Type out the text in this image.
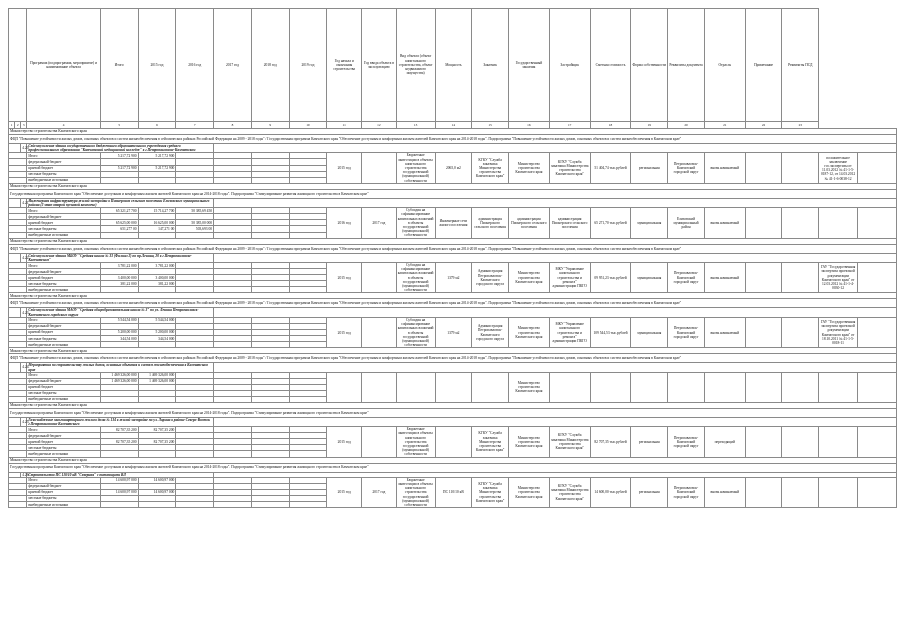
			Программа (подпрограмма, мероприятие) и наименование объекта	Итого	2015 год	2016 год	2017 год	2018 год	2019 год	Год начала и окончания строительства	Год ввода объекта в эксплуатацию	Вид объекта (объект капитального строительства, объект недвижимого имущества)	Мощность	Заказчик	Государственный заказчик	Застройщик	Сметная стоимость	Форма собственности	Реквизиты документа	Отрасль	Примечание	Реквизиты ПСД		
1	2	3	4	5	6	7	8	9	10	11	12	13	14	15	16	17	18	19	20	21	22	23		
Министерство строительства Камчатского края																								
ФЦП "Повышение устойчивости жилых домов, основных объектов и систем жизнеобеспечения в сейсмических районах Российской Федерации на 2009 - 2018 годы" / Государственная программа Камчатского края "Обеспечение доступным и комфортным жильем жителей Камчатского края на 2014-2018 годы". Подпрограмма "Повышение устойчивости жилых домов, основных объектов и систем жизнеобеспечения в Камчатском крае"																								
		4.20.	Сейсмоусиление здания государственного бюджетного образовательного учреждения среднего профессионального образования "Камчатский медицинский колледж" в г.Петропавловске-Камчатском																					
			Итого	5 217,72 900	5 217,72 900					2015 год		Бюджетные инвестиции в объекты капитального строительства государственной (муниципальной) собственности	2065,0 м2	КГКУ "Служба заказчика Министерства строительства Камчатского края"	Министерство строительства Камчатского края	КГКУ "Служба заказчика Министерства строительства Камчатского края"	51 404,74 тыс.рублей	региональная	Петропавловск-Камчатский городской округ	вновь начинаемый			положительное заключение гос.экспертизы от 11.03.2012 № 41-1-5-0187-12, от 14.03.2012 № 41-1-6-0038-12	
			федеральный бюджет																					
			краевой бюджет	5 217,72 900	5 217,72 900																			
			местные бюджеты																					
			внебюджетные источники																					
Министерство строительства Камчатского края																								
Государственная программа Камчатского края "Обеспечение доступным и комфортным жильем жителей Камчатского края на 2014-2018 годы". Подпрограмма "Стимулирование развития жилищного строительства в Камчатском крае"																								
		4.21.	Инженерная инфраструктура жилой застройки в Пионерском сельском поселении Елизовского муниципального района (2 этап второй пусковой комплекс)																					
			Итого	65 321,27 700	15 714,27 700	50 385,69 450				2016 год	2017 год	Субсидия на софинансирование капитальных вложений в объекты государственной (муниципальной) собственности	Инженерные сети жилого поселения	администрация Пионерского сельского поселения	администрация Пионерского сельского поселения	администрация Пионерского сельского поселения	65 271,70 тыс.рублей	муниципальная	Елизовский муниципальный район	вновь начинаемый				
			федеральный бюджет																					
			краевой бюджет	65 625,00 000	16 625,00 000	50 385,00 000																		
			местные бюджеты	651,277 00	147,271 00	503,693 00																		
			внебюджетные источники																					
Министерство строительства Камчатского края																								
ФЦП "Повышение устойчивости жилых домов, основных объектов и систем жизнеобеспечения в сейсмических районах Российской Федерации на 2009 - 2018 годы" / Государственная программа Камчатского края "Обеспечение доступным и комфортным жильем жителей Камчатского края на 2014-2018 годы". Подпрограмма "Повышение устойчивости жилых домов, основных объектов и систем жизнеобеспечения в Камчатском крае"																								
		4.22.	Сейсмоусиление здания МБОУ "Средняя школа № 33 (Филиал 2) по пр.Ленина, 20 в г.Петропавловске-Камчатском"																					
			Итого	3 781,22 000	3 781,22 000					2015 год		Субсидия на софинансирование капитальных вложений в объекты государственной (муниципальной) собственности	1379 м2	Администрация Петропавловск-Камчатского городского округа	Министерство строительства Камчатского края	МКУ "Управление капитального строительства и ремонта" администрации ПКГО	09 951,23 тыс.рублей	муниципальная	Петропавловск-Камчатский городской округ	вновь начинаемый			ГАУ "Государственная экспертиза проектной документации Камчатского края" от 12.03.2012 № 41-1-4-0030-12	
			федеральный бюджет																					
			краевой бюджет	3 400,00 000	3 400,00 000																			
			местные бюджеты	381,22 000	381,22 000																			
			внебюджетные источники																					
Министерство строительства Камчатского края																								
ФЦП "Повышение устойчивости жилых домов, основных объектов и систем жизнеобеспечения в сейсмических районах Российской Федерации на 2009 - 2018 годы" / Государственная программа Камчатского края "Обеспечение доступным и комфортным жильем жителей Камчатского края на 2014-2018 годы". Подпрограмма "Повышение устойчивости жилых домов, основных объектов и систем жизнеобеспечения в Камчатском крае"																								
		4.23.	Сейсмоусиление здания МАОУ "Средняя общеобразовательная школа № 3" по ул. Ленина Петропавловск-Камчатского городского округа																					
			Итого	5 544,54 000	5 544,54 000					2015 год		Субсидия на софинансирование капитальных вложений в объекты государственной (муниципальной) собственности	1379 м2	Администрация Петропавловск-Камчатского городского округа	Министерство строительства Камчатского края	МКУ "Управление капитального строительства и ремонта" администрации ПКГО	109 544,53 тыс.рублей	муниципальная	Петропавловск-Камчатский городской округ	вновь начинаемый			ГАУ "Государственная экспертиза проектной документации Камчатского края" от 18.10.2011 № 41-1-5-0018-11	
			федеральный бюджет																					
			краевой бюджет	5 200,00 000	5 200,00 000																			
			местные бюджеты	344,54 000	344,54 000																			
			внебюджетные источники																					
Министерство строительства Камчатского края																								
ФЦП "Повышение устойчивости жилых домов, основных объектов и систем жизнеобеспечения в сейсмических районах Российской Федерации на 2009 - 2018 годы" / Государственная программа Камчатского края "Обеспечение доступным и комфортным жильем жителей Камчатского края на 2014-2018 годы". Подпрограмма "Повышение устойчивости жилых домов, основных объектов и систем жизнеобеспечения в Камчатском крае"																								
		4.24.	Мероприятия по строительству жилых домов, основных объектов и систем жизнеобеспечения в Камчатском крае																					
			Итого	1 469 326,00 000	1 469 326,00 000										Министерство строительства Камчатского края									
			федеральный бюджет	1 469 326,00 000	1 469 326,00 000																			
			краевой бюджет																					
			местные бюджеты																					
			внебюджетные источники																					
Министерство строительства Камчатского края																								
Государственная программа Камчатского края "Обеспечение доступным и комфортным жильем жителей Камчатского края на 2014-2018 годы". Подпрограмма "Стимулирование развития жилищного строительства в Камчатском крае"																								
		4.25.	Газоснабжение многоквартирного жилого дома № 134 в жилой застройке по ул. Ларина в районе Северо-Восток г.Петропавловска-Камчатского																					
			Итого	82 707,35 200	82 707,35 200					2015 год		Бюджетные инвестиции в объекты капитального строительства государственной (муниципальной) собственности		КГКУ "Служба заказчика Министерства строительства Камчатского края"	Министерство строительства Камчатского края	КГКУ "Служба заказчика Министерства строительства Камчатского края"	82 707,35 тыс.рублей	региональная	Петропавловск-Камчатский городской округ	переходящий				
			федеральный бюджет																					
			краевой бюджет	82 707,35 200	82 707,35 200																			
			местные бюджеты																					
			внебюджетные источники																					
Министерство строительства Камчатского края																								
Государственная программа Камчатского края "Обеспечение доступным и комфортным жильем жителей Камчатского края на 2014-2018 годы". Подпрограмма "Стимулирование развития жилищного строительства в Камчатском крае"																								
		4.26.	Строительство ПС 110/10 кВ "Северная" с питающими ВЛ																					
			Итого	14 600,97 000	14 600,97 000					2015 год	2017 год	Бюджетные инвестиции в объекты капитального строительства государственной (муниципальной) собственности	ПС 110/10 кВ	КГКУ "Служба заказчика Министерства строительства Камчатского края"	Министерство строительства Камчатского края	КГКУ "Служба заказчика Министерства строительства Камчатского края"	14 600,00 тыс.рублей	региональная	Петропавловск-Камчатский городской округ	вновь начинаемый				
			федеральный бюджет																					
			краевой бюджет	14 600,97 000	14 600,97 000																			
			местные бюджеты																					
			внебюджетные источники																					
